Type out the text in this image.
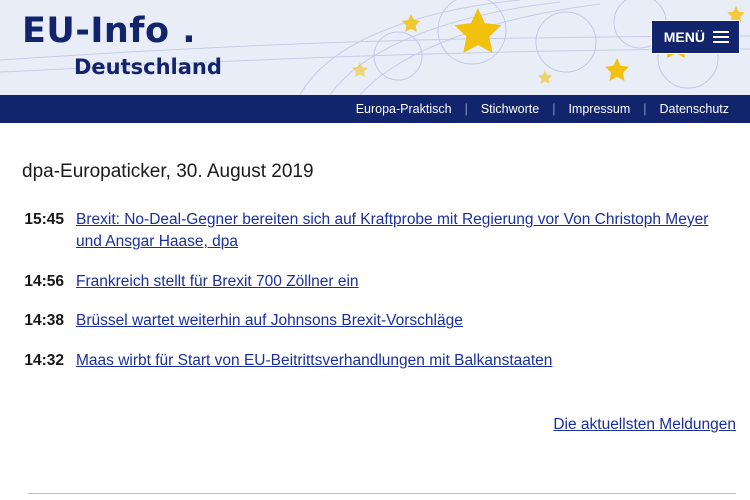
EU-Info .
Deutschland
MENÜ
Europa-Praktisch	|	Stichworte	|	Impressum	|	Datenschutz
dpa-Europaticker, 30. August 2019
15:45 Brexit: No-Deal-Gegner bereiten sich auf Kraftprobe mit Regierung vor Von Christoph Meyer und Ansgar Haase, dpa
14:56 Frankreich stellt für Brexit 700 Zöllner ein
14:38 Brüssel wartet weiterhin auf Johnsons Brexit-Vorschläge
14:32 Maas wirbt für Start von EU-Beitrittsverhandlungen mit Balkanstaaten
Die aktuellsten Meldungen
